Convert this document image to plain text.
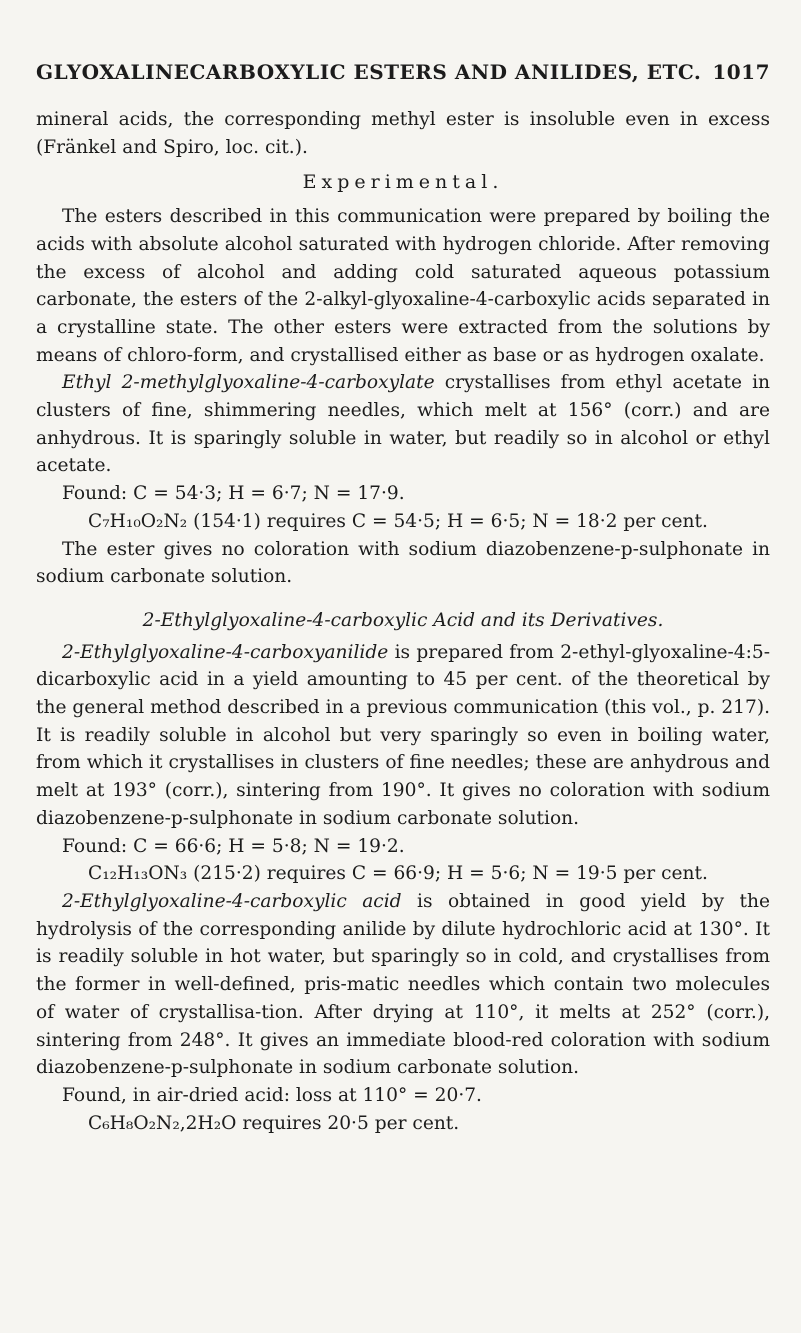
GLYOXALINECARBOXYLIC ESTERS AND ANILIDES, ETC. 1017

mineral acids, the corresponding methyl ester is insoluble even in excess (Fränkel and Spiro, loc. cit.).

Experimental.

The esters described in this communication were prepared by boiling the acids with absolute alcohol saturated with hydrogen chloride. After removing the excess of alcohol and adding cold saturated aqueous potassium carbonate, the esters of the 2-alkyl-glyoxaline-4-carboxylic acids separated in a crystalline state. The other esters were extracted from the solutions by means of chloro-form, and crystallised either as base or as hydrogen oxalate.

Ethyl 2-methylglyoxaline-4-carboxylate crystallises from ethyl acetate in clusters of fine, shimmering needles, which melt at 156° (corr.) and are anhydrous. It is sparingly soluble in water, but readily so in alcohol or ethyl acetate.

Found: C = 54·3; H = 6·7; N = 17·9.

C₇H₁₀O₂N₂ (154·1) requires C = 54·5; H = 6·5; N = 18·2 per cent.

The ester gives no coloration with sodium diazobenzene-p-sulphonate in sodium carbonate solution.

2-Ethylglyoxaline-4-carboxylic Acid and its Derivatives.

2-Ethylglyoxaline-4-carboxyanilide is prepared from 2-ethyl-glyoxaline-4:5-dicarboxylic acid in a yield amounting to 45 per cent. of the theoretical by the general method described in a previous communication (this vol., p. 217). It is readily soluble in alcohol but very sparingly so even in boiling water, from which it crystallises in clusters of fine needles; these are anhydrous and melt at 193° (corr.), sintering from 190°. It gives no coloration with sodium diazobenzene-p-sulphonate in sodium carbonate solution.

Found: C = 66·6; H = 5·8; N = 19·2.

C₁₂H₁₃ON₃ (215·2) requires C = 66·9; H = 5·6; N = 19·5 per cent.

2-Ethylglyoxaline-4-carboxylic acid is obtained in good yield by the hydrolysis of the corresponding anilide by dilute hydrochloric acid at 130°. It is readily soluble in hot water, but sparingly so in cold, and crystallises from the former in well-defined, pris-matic needles which contain two molecules of water of crystallisa-tion. After drying at 110°, it melts at 252° (corr.), sintering from 248°. It gives an immediate blood-red coloration with sodium diazobenzene-p-sulphonate in sodium carbonate solution.

Found, in air-dried acid: loss at 110° = 20·7.

C₆H₈O₂N₂,2H₂O requires 20·5 per cent.
